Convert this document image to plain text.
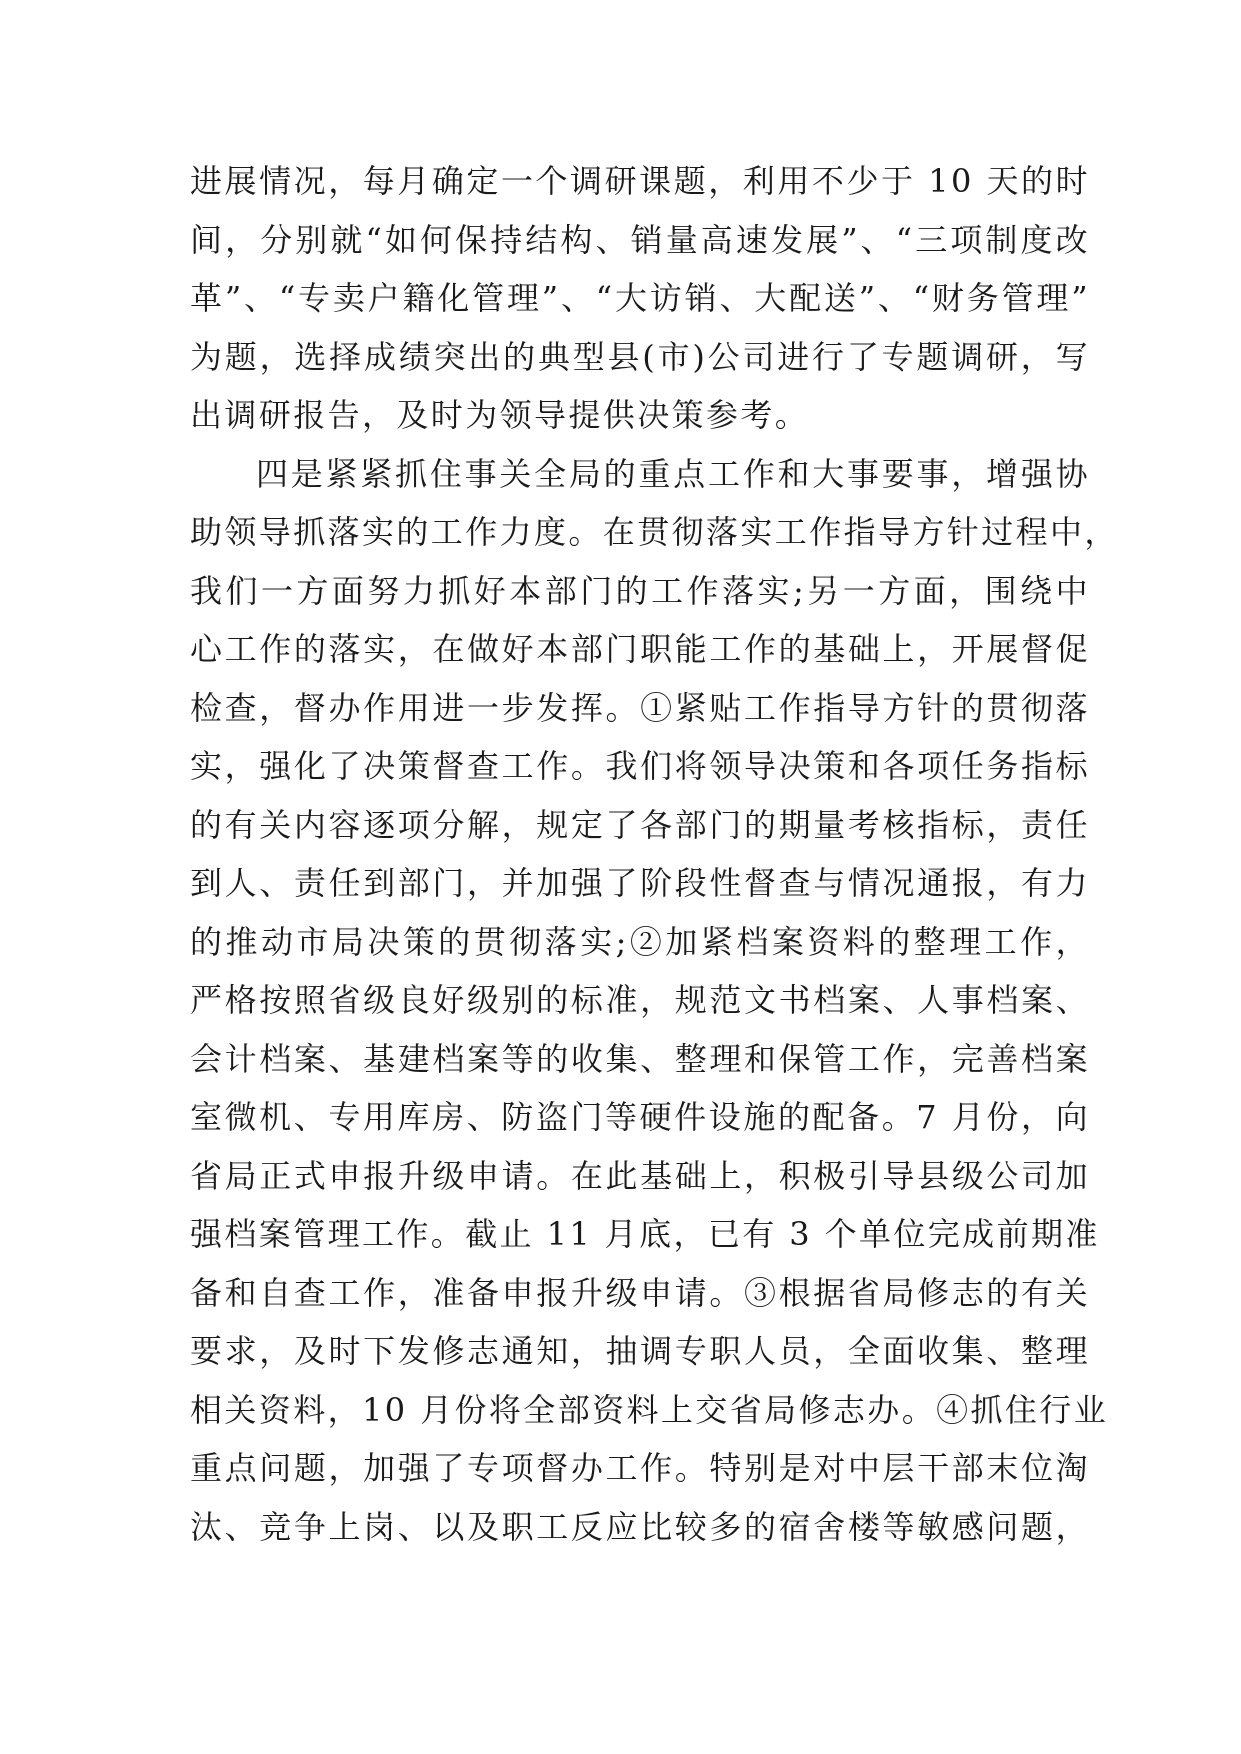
进展情况，每月确定一个调研课题，利用不少于 10 天的时
间，分别就“如何保持结构、销量高速发展”、“三项制度改
革”、“专卖户籍化管理”、“大访销、大配送”、“财务管理”
为题，选择成绩突出的典型县(市)公司进行了专题调研，写
出调研报告，及时为领导提供决策参考。
四是紧紧抓住事关全局的重点工作和大事要事，增强协
助领导抓落实的工作力度。在贯彻落实工作指导方针过程中，
我们一方面努力抓好本部门的工作落实;另一方面，围绕中
心工作的落实，在做好本部门职能工作的基础上，开展督促
检查，督办作用进一步发挥。①紧贴工作指导方针的贯彻落
实，强化了决策督查工作。我们将领导决策和各项任务指标
的有关内容逐项分解，规定了各部门的期量考核指标，责任
到人、责任到部门，并加强了阶段性督查与情况通报，有力
的推动市局决策的贯彻落实;②加紧档案资料的整理工作，
严格按照省级良好级别的标准，规范文书档案、人事档案、
会计档案、基建档案等的收集、整理和保管工作，完善档案
室微机、专用库房、防盗门等硬件设施的配备。7 月份，向
省局正式申报升级申请。在此基础上，积极引导县级公司加
强档案管理工作。截止 11 月底，已有 3 个单位完成前期准
备和自查工作，准备申报升级申请。③根据省局修志的有关
要求，及时下发修志通知，抽调专职人员，全面收集、整理
相关资料，10 月份将全部资料上交省局修志办。④抓住行业
重点问题，加强了专项督办工作。特别是对中层干部末位淘
汰、竞争上岗、以及职工反应比较多的宿舍楼等敏感问题，
